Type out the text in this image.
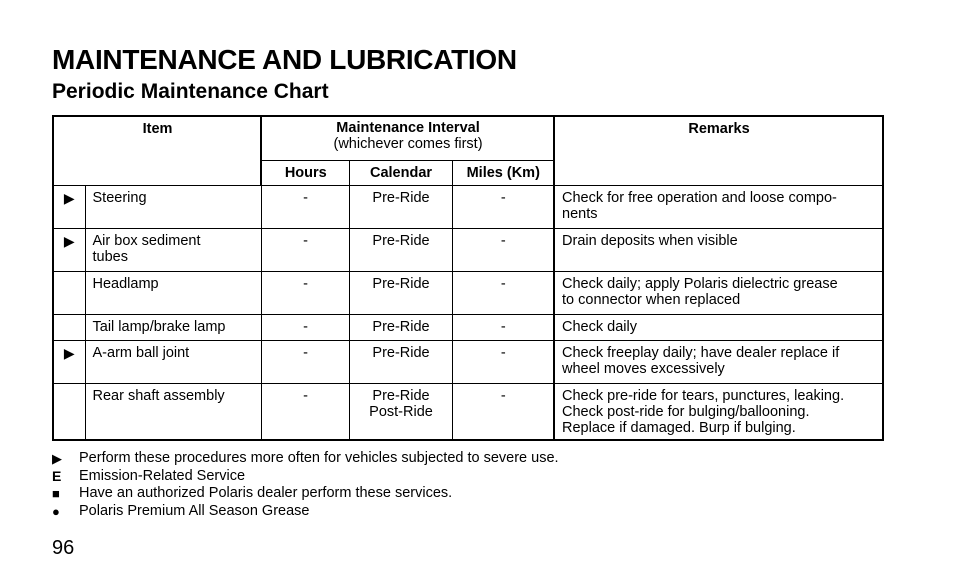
MAINTENANCE AND LUBRICATION
Periodic Maintenance Chart
Item		Maintenance Interval
(whichever comes first)			Remarks
		Hours	Calendar	Miles (Km)	
▶	Steering	-	Pre-Ride	-	Check for free operation and loose compo-
nents
▶	Air box sediment
tubes	-	Pre-Ride	-	Drain deposits when visible
	Headlamp	-	Pre-Ride	-	Check daily; apply Polaris dielectric grease
to connector when replaced
	Tail lamp/brake lamp	-	Pre-Ride	-	Check daily
▶	A-arm ball joint	-	Pre-Ride	-	Check freeplay daily; have dealer replace if
wheel moves excessively
	Rear shaft assembly	-	Pre-Ride
Post-Ride	-	Check pre-ride for tears, punctures, leaking.
Check post-ride for bulging/ballooning.
Replace if damaged. Burp if bulging.
▶	Perform these procedures more often for vehicles subjected to severe use.
E	Emission-Related Service
■	Have an authorized Polaris dealer perform these services.
●	Polaris Premium All Season Grease
96
